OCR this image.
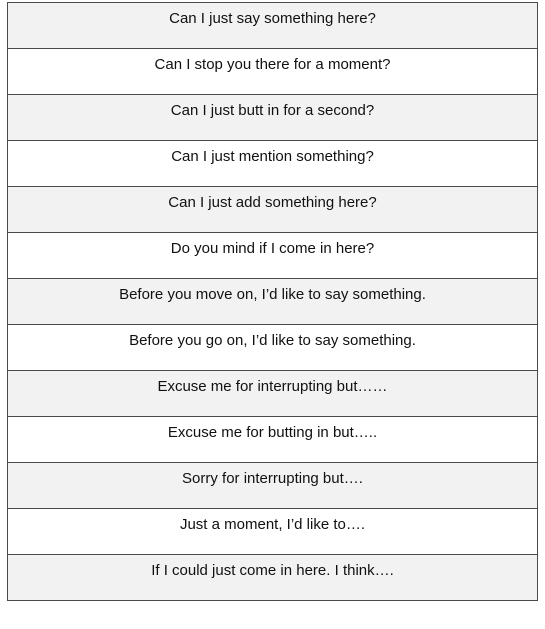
Can I just say something here?
Can I stop you there for a moment?
Can I just butt in for a second?
Can I just mention something?
Can I just add something here?
Do you mind if I come in here?
Before you move on, I’d like to say something.
Before you go on, I’d like to say something.
Excuse me for interrupting but……
Excuse me for butting in but…..
Sorry for interrupting but….
Just a moment, I’d like to….
If I could just come in here. I think….
